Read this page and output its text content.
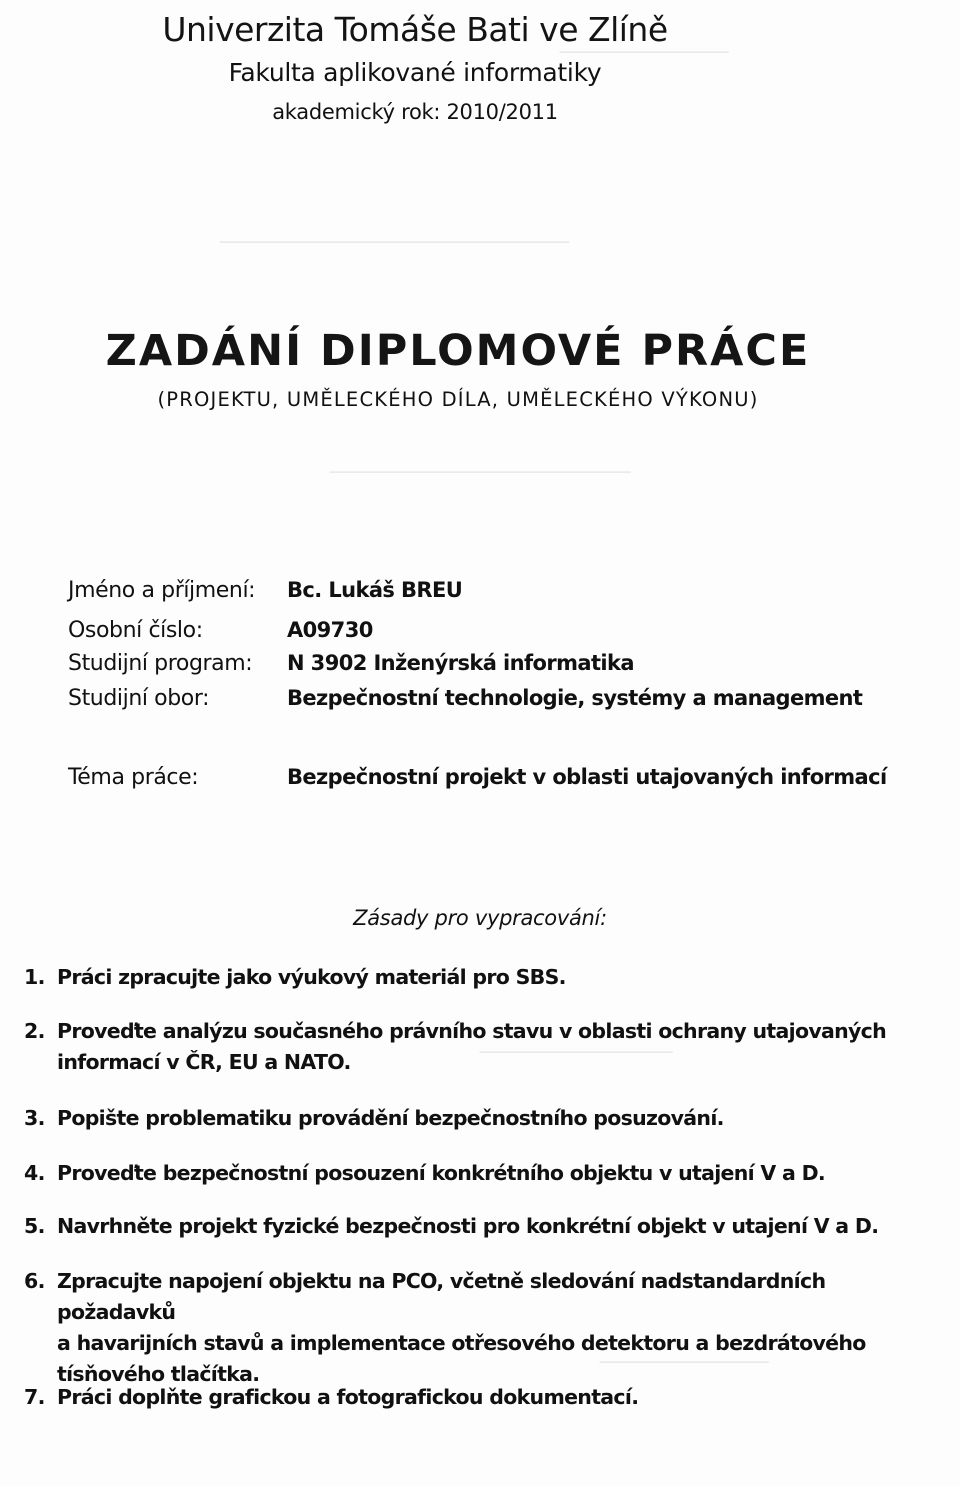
──────────────
─────────────────────────────
─────────────────────────
────────────────
──────────────
Univerzita Tomáše Bati ve Zlíně
Fakulta aplikované informatiky
akademický rok: 2010/2011
ZADÁNÍ DIPLOMOVÉ PRÁCE
(PROJEKTU, UMĚLECKÉHO DÍLA, UMĚLECKÉHO VÝKONU)
Jméno a příjmení: Bc. Lukáš BREU
Osobní číslo:	A09730
Studijní program: N 3902 Inženýrská informatika
Studijní obor:	Bezpečnostní technologie, systémy a management
Téma práce:	Bezpečnostní projekt v oblasti utajovaných informací
Zásady pro vypracování:
1. Práci zpracujte jako výukový materiál pro SBS.
2. Proveďte analýzu současného právního stavu v oblasti ochrany utajovaných
informací v ČR, EU a NATO.
3. Popište problematiku provádění bezpečnostního posuzování.
4. Proveďte bezpečnostní posouzení konkrétního objektu v utajení V a D.
5. Navrhněte projekt fyzické bezpečnosti pro konkrétní objekt v utajení V a D.
6. Zpracujte napojení objektu na PCO, včetně sledování nadstandardních požadavků
a havarijních stavů a implementace otřesového detektoru a bezdrátového
tísňového tlačítka.
7. Práci doplňte grafickou a fotografickou dokumentací.
